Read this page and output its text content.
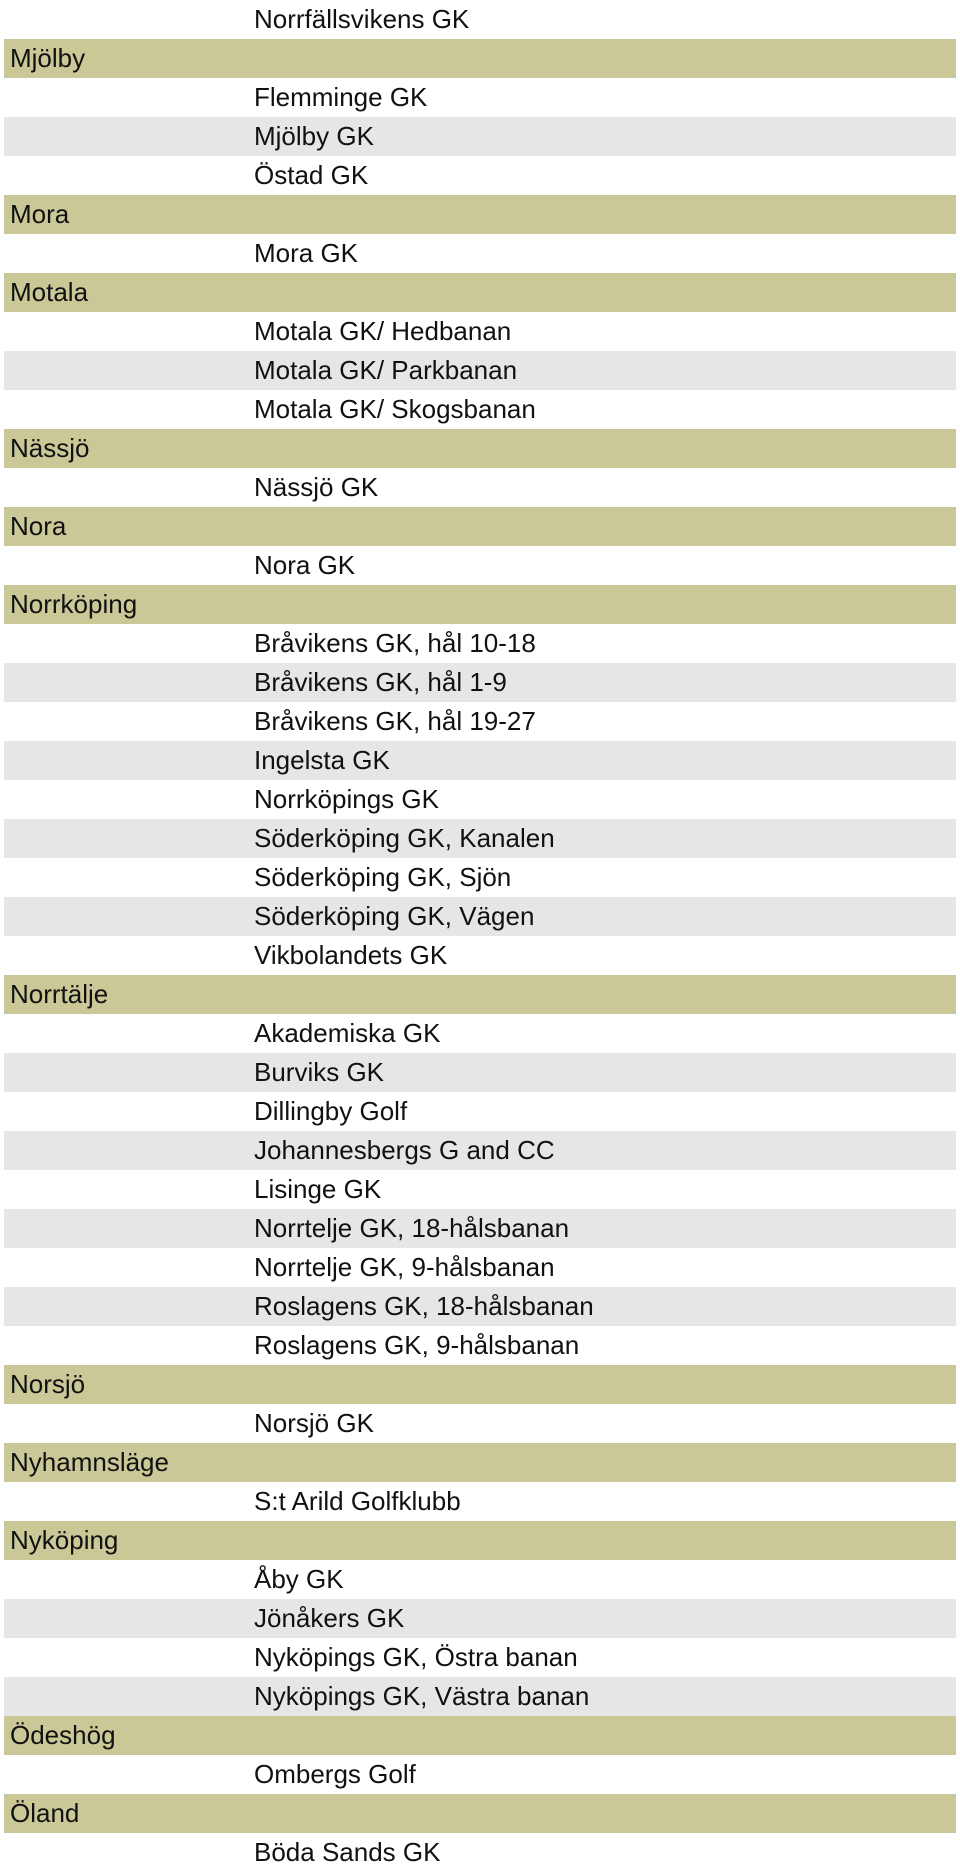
Norrfällsvikens GK
Mjölby
Flemminge GK
Mjölby GK
Östad GK
Mora
Mora GK
Motala
Motala GK/ Hedbanan
Motala GK/ Parkbanan
Motala GK/ Skogsbanan
Nässjö
Nässjö GK
Nora
Nora GK
Norrköping
Bråvikens GK, hål 10-18
Bråvikens GK, hål 1-9
Bråvikens GK, hål 19-27
Ingelsta GK
Norrköpings GK
Söderköping GK, Kanalen
Söderköping GK, Sjön
Söderköping GK, Vägen
Vikbolandets GK
Norrtälje
Akademiska GK
Burviks GK
Dillingby Golf
Johannesbergs G and CC
Lisinge GK
Norrtelje GK, 18-hålsbanan
Norrtelje GK, 9-hålsbanan
Roslagens GK, 18-hålsbanan
Roslagens GK, 9-hålsbanan
Norsjö
Norsjö GK
Nyhamnsläge
S:t Arild Golfklubb
Nyköping
Åby GK
Jönåkers GK
Nyköpings GK, Östra banan
Nyköpings GK, Västra banan
Ödeshög
Ombergs Golf
Öland
Böda Sands GK
